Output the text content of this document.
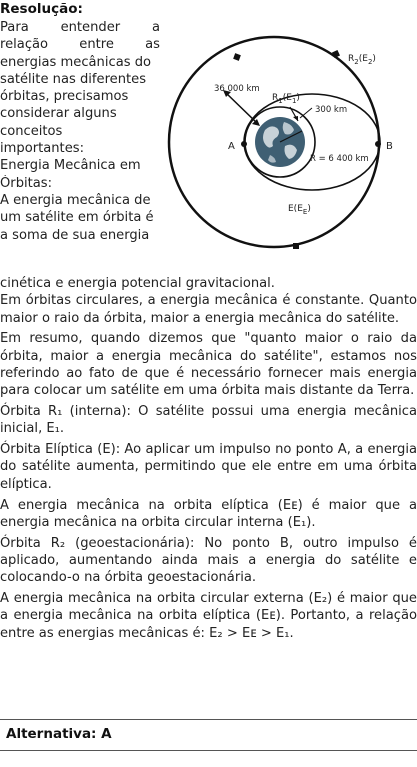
Resolução:
Para entender a
relação entre as
energias mecânicas do
satélite nas diferentes
órbitas, precisamos
considerar alguns
conceitos
importantes:
Energia Mecânica em
Órbitas:
A energia mecânica de
um satélite em órbita é
a soma de sua energia
$R_2(E_2)$
36 000 km
$R_1(E_1)$
300 km
A	B
R = 6 400 km
$E(E_E)$
cinética e energia potencial gravitacional.

Em órbitas circulares, a energia mecânica é constante. Quanto maior o raio da órbita, maior a energia mecânica do satélite.

Em resumo, quando dizemos que "quanto maior o raio da órbita, maior a energia mecânica do satélite", estamos nos referindo ao fato de que é necessário fornecer mais energia para colocar um satélite em uma órbita mais distante da Terra.

Órbita R₁ (interna): O satélite possui uma energia mecânica inicial, E₁.

Órbita Elíptica (E): Ao aplicar um impulso no ponto A, a energia do satélite aumenta, permitindo que ele entre em uma órbita elíptica.

A energia mecânica na orbita elíptica (Eᴇ) é maior que a energia mecânica na orbita circular interna (E₁).

Órbita R₂ (geoestacionária): No ponto B, outro impulso é aplicado, aumentando ainda mais a energia do satélite e colocando-o na órbita geoestacionária.

A energia mecânica na orbita circular externa (E₂) é maior que a energia mecânica na orbita elíptica (Eᴇ). Portanto, a relação entre as energias mecânicas é: E₂ > Eᴇ > E₁.

Alternativa: A
